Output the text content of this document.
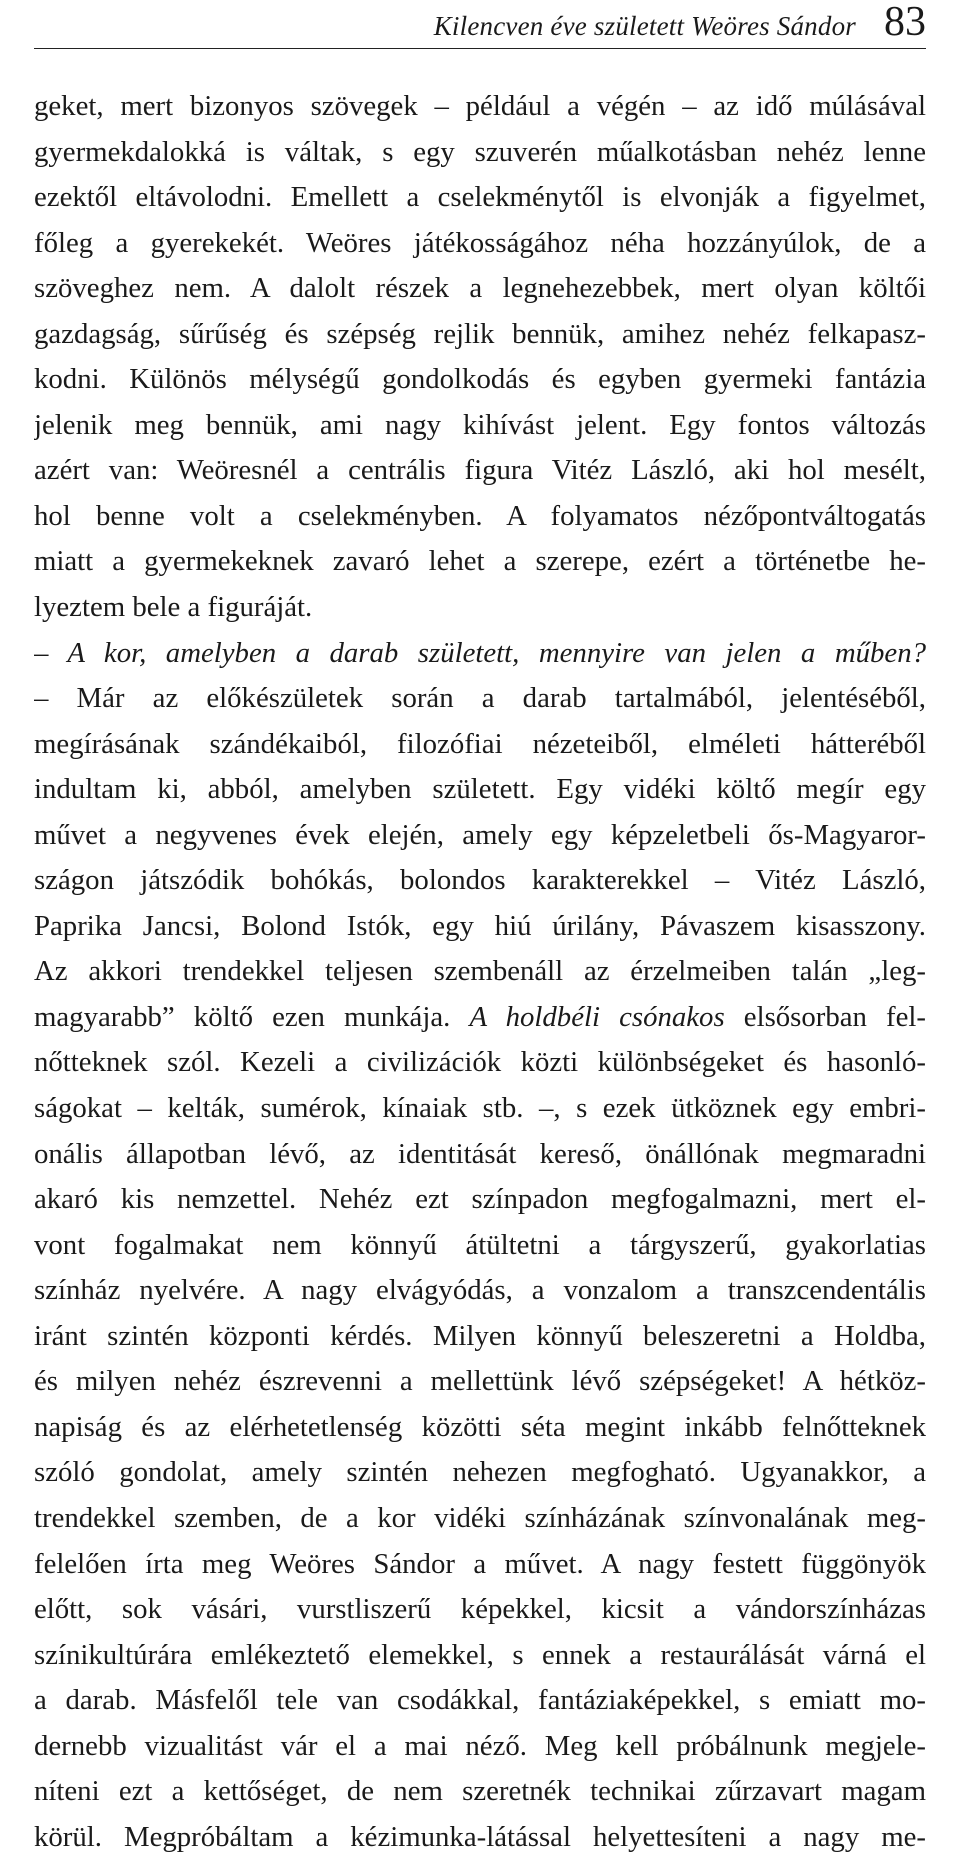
Kilencven éve született Weöres Sándor 83
geket, mert bizonyos szövegek – például a végén – az idő múlásával
gyermekdalokká is váltak, s egy szuverén műalkotásban nehéz lenne
ezektől eltávolodni. Emellett a cselekménytől is elvonják a figyelmet,
főleg a gyerekekét. Weöres játékosságához néha hozzányúlok, de a
szöveghez nem. A dalolt részek a legnehezebbek, mert olyan költői
gazdagság, sűrűség és szépség rejlik bennük, amihez nehéz felkapasz-
kodni. Különös mélységű gondolkodás és egyben gyermeki fantázia
jelenik meg bennük, ami nagy kihívást jelent. Egy fontos változás
azért van: Weöresnél a centrális figura Vitéz László, aki hol mesélt,
hol benne volt a cselekményben. A folyamatos nézőpontváltogatás
miatt a gyermekeknek zavaró lehet a szerepe, ezért a történetbe he-
lyeztem bele a figuráját.
– A kor, amelyben a darab született, mennyire van jelen a műben?
– Már az előkészületek során a darab tartalmából, jelentéséből,
megírásának szándékaiból, filozófiai nézeteiből, elméleti hátteréből
indultam ki, abból, amelyben született. Egy vidéki költő megír egy
művet a negyvenes évek elején, amely egy képzeletbeli ős-Magyaror-
szágon játszódik bohókás, bolondos karakterekkel – Vitéz László,
Paprika Jancsi, Bolond Istók, egy hiú úrilány, Pávaszem kisasszony.
Az akkori trendekkel teljesen szembenáll az érzelmeiben talán „leg-
magyarabb” költő ezen munkája. A holdbéli csónakos elsősorban fel-
nőtteknek szól. Kezeli a civilizációk közti különbségeket és hasonló-
ságokat – kelták, sumérok, kínaiak stb. –, s ezek ütköznek egy embri-
onális állapotban lévő, az identitását kereső, önállónak megmaradni
akaró kis nemzettel. Nehéz ezt színpadon megfogalmazni, mert el-
vont fogalmakat nem könnyű átültetni a tárgyszerű, gyakorlatias
színház nyelvére. A nagy elvágyódás, a vonzalom a transzcendentális
iránt szintén központi kérdés. Milyen könnyű beleszeretni a Holdba,
és milyen nehéz észrevenni a mellettünk lévő szépségeket! A hétköz-
napiság és az elérhetetlenség közötti séta megint inkább felnőtteknek
szóló gondolat, amely szintén nehezen megfogható. Ugyanakkor, a
trendekkel szemben, de a kor vidéki színházának színvonalának meg-
felelően írta meg Weöres Sándor a művet. A nagy festett függönyök
előtt, sok vásári, vurstliszerű képekkel, kicsit a vándorszínházas
színikultúrára emlékeztető elemekkel, s ennek a restaurálását várná el
a darab. Másfelől tele van csodákkal, fantáziaképekkel, s emiatt mo-
dernebb vizualitást vár el a mai néző. Meg kell próbálnunk megjele-
níteni ezt a kettőséget, de nem szeretnék technikai zűrzavart magam
körül. Megpróbáltam a kézimunka-látással helyettesíteni a nagy me-
